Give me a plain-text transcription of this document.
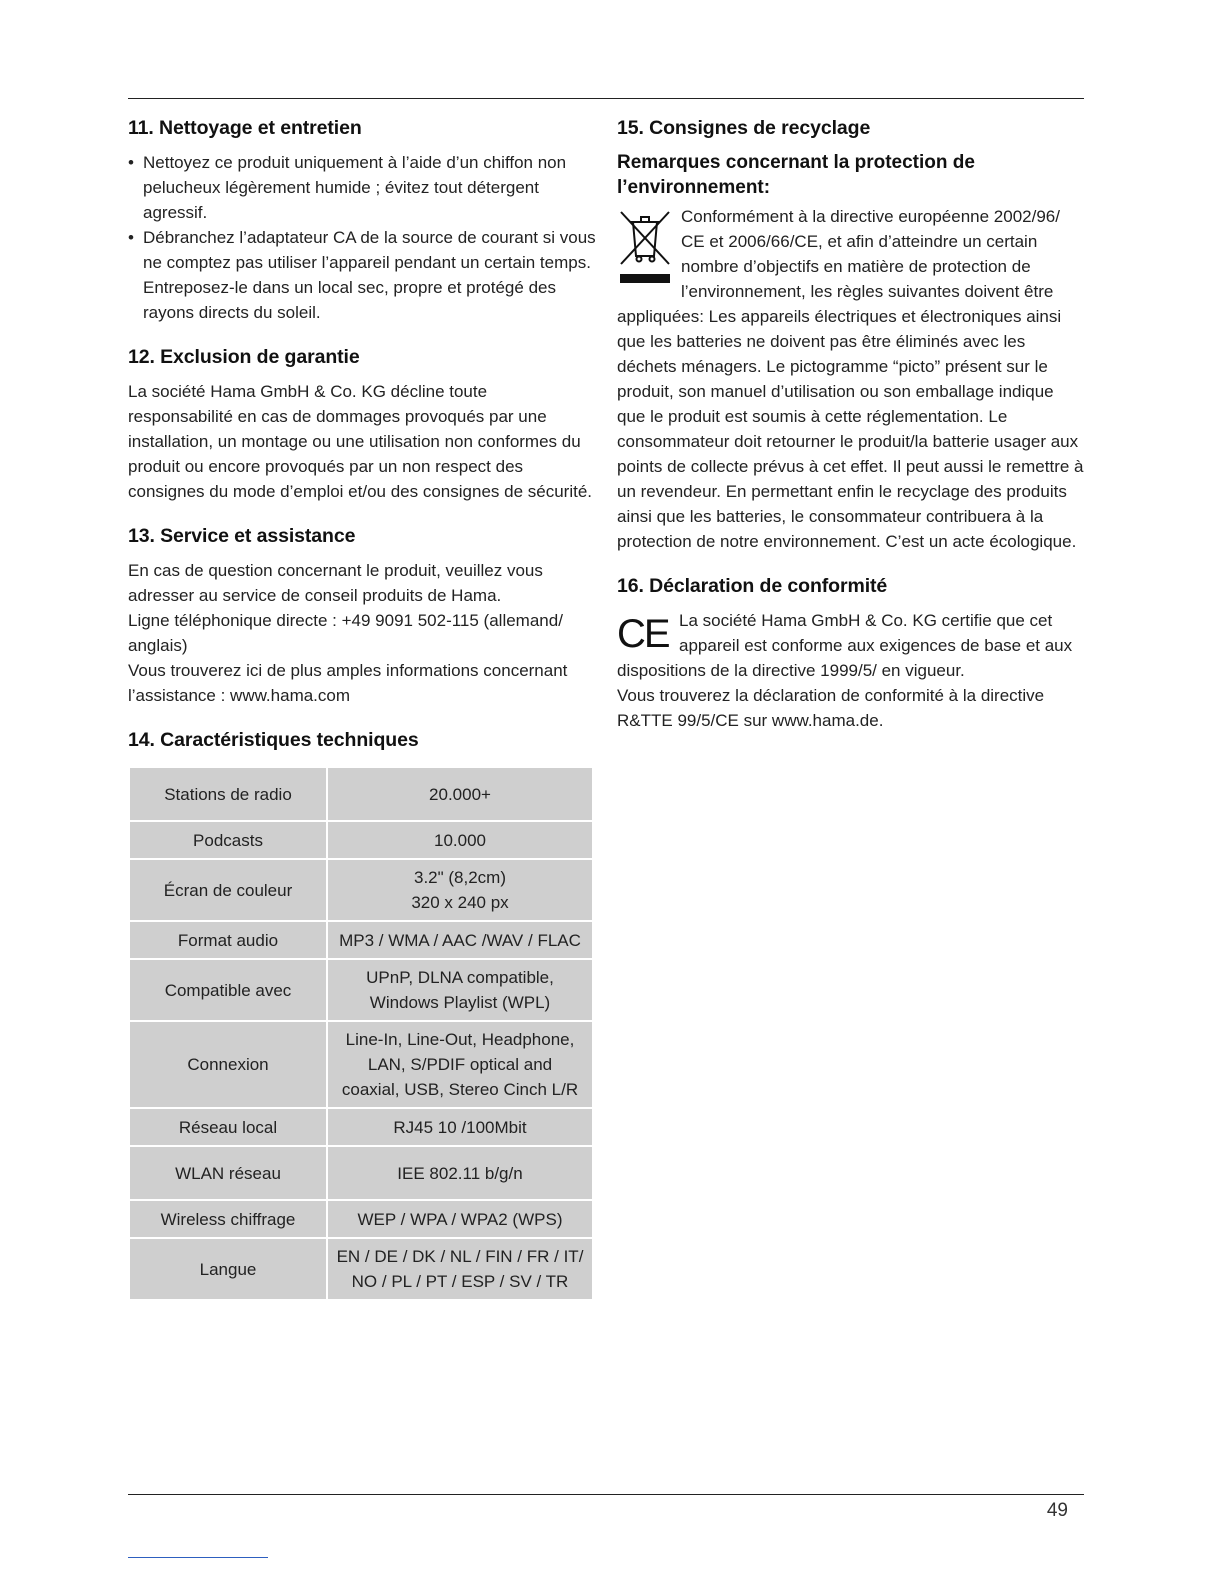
11. Nettoyage et entretien
• Nettoyez ce produit uniquement à l’aide d’un chiffon non pelucheux légèrement humide ; évitez tout détergent agressif.
• Débranchez l’adaptateur CA de la source de courant si vous ne comptez pas utiliser l’appareil pendant un certain temps. Entreposez-le dans un local sec, propre et protégé des rayons directs du soleil.
12. Exclusion de garantie

La société Hama GmbH & Co. KG décline toute responsabilité en cas de dommages provoqués par une installation, un montage ou une utilisation non conformes du produit ou encore provoqués par un non respect des consignes du mode d’emploi et/ou des consignes de sécurité.

13. Service et assistance

En cas de question concernant le produit, veuillez vous adresser au service de conseil produits de Hama.

Ligne téléphonique directe : +49 9091 502-115 (allemand/ anglais)

Vous trouverez ici de plus amples informations concernant l’assistance : www.hama.com

14. Caractéristiques techniques
Stations de radio	20.000+

Podcasts	10.000

Écran de couleur	3.2" (8,2cm)
320 x 240 px

Format audio	MP3 / WMA / AAC /WAV / FLAC

Compatible avec	UPnP, DLNA compatible,
Windows Playlist (WPL)

Connexion	Line-In, Line-Out, Headphone,
LAN, S/PDIF optical and
coaxial, USB, Stereo Cinch L/R

Réseau local	RJ45 10 /100Mbit

WLAN réseau	IEE 802.11 b/g/n

Wireless chiffrage	WEP / WPA / WPA2 (WPS)

Langue	EN / DE / DK / NL / FIN / FR / IT/
NO / PL / PT / ESP / SV / TR
15. Consignes de recyclage
Remarques concernant la protection de l’environnement:

Conformément à la directive européenne 2002/96/ CE et 2006/66/CE, et afin d’atteindre un certain nombre d’objectifs en matière de protection de l’environnement, les règles suivantes doivent être appliquées: Les appareils électriques et électroniques ainsi que les batteries ne doivent pas être éliminés avec les déchets ménagers. Le pictogramme “picto” présent sur le produit, son manuel d’utilisation ou son emballage indique que le produit est soumis à cette réglementation. Le consommateur doit retourner le produit/la batterie usager aux points de collecte prévus à cet effet. Il peut aussi le remettre à un revendeur. En permettant enfin le recyclage des produits ainsi que les batteries, le consommateur contribuera à la protection de notre environnement. C’est un acte écologique.

16. Déclaration de conformité
CE La société Hama GmbH & Co. KG certifie que cet appareil est conforme aux exigences de base et aux dispositions de la directive 1999/5/ en vigueur.

Vous trouverez la déclaration de conformité à la directive R&TTE 99/5/CE sur www.hama.de.

49
